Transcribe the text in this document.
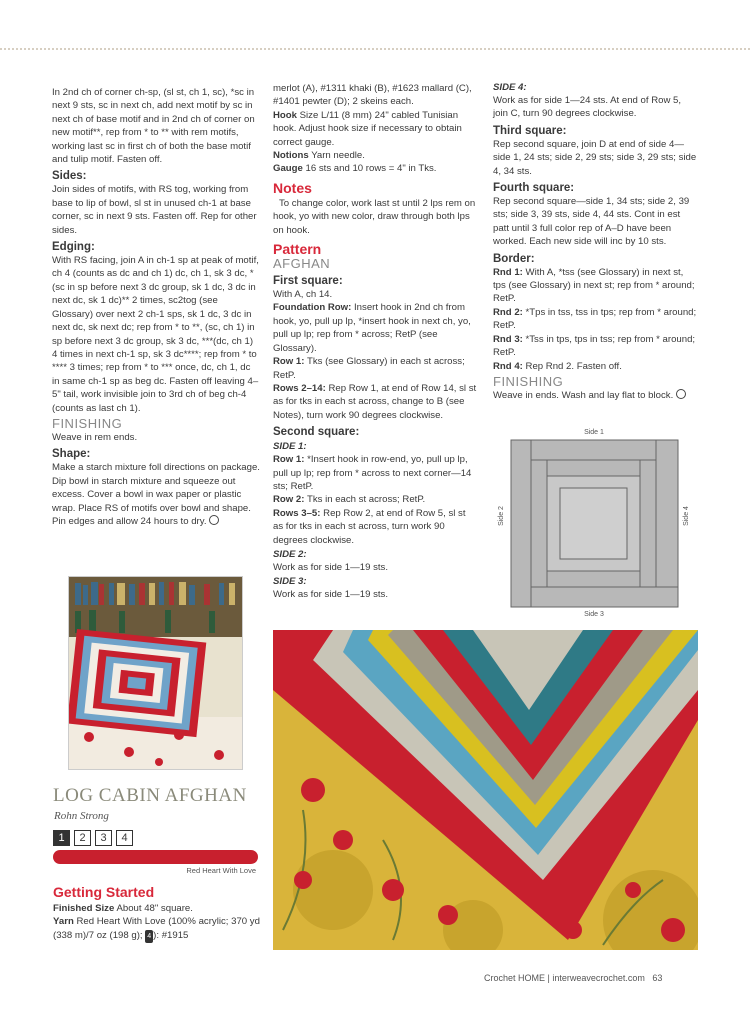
In 2nd ch of corner ch-sp, (sl st, ch 1, sc), *sc in next 9 sts, sc in next ch, add next motif by sc in next ch of base motif and in 2nd ch of corner on new motif**, rep from * to ** with rem motifs, working last sc in first ch of both the base motif and tulip motif. Fasten off.

Sides:

Join sides of motifs, with RS tog, working from base to lip of bowl, sl st in unused ch-1 at base corner, sc in next 9 sts. Fasten off. Rep for other sides.

Edging:

With RS facing, join A in ch-1 sp at peak of motif, ch 4 (counts as dc and ch 1) dc, ch 1, sk 3 dc, *(sc in sp before next 3 dc group, sk 1 dc, 3 dc in next dc, sk 1 dc)** 2 times, sc2tog (see Glossary) over next 2 ch-1 sps, sk 1 dc, 3 dc in next dc, sk next dc; rep from * to **, (sc, ch 1) in sp before next 3 dc group, sk 3 dc, ***(dc, ch 1) 4 times in next ch-1 sp, sk 3 dc****; rep from * to **** 3 times; rep from * to *** once, dc, ch 1, dc in same ch-1 sp as beg dc. Fasten off leaving 4–5" tail, work invisible join to 3rd ch of beg ch-4 (counts as last ch 1).

FINISHING

Weave in rem ends.

Shape:

Make a starch mixture foll directions on package. Dip bowl in starch mixture and squeeze out excess. Cover a bowl in wax paper or plastic wrap. Place RS of motifs over bowl and shape. Pin edges and allow 24 hours to dry.

LOG CABIN AFGHAN
Rohn Strong
1 2 3 4
Red Heart With Love
Getting Started

Finished Size About 48" square.

Yarn Red Heart With Love (100% acrylic; 370 yd (338 m)/7 oz (198 g); 4 ): #1915

merlot (A), #1311 khaki (B), #1623 mallard (C), #1401 pewter (D); 2 skeins each.

Hook Size L/11 (8 mm) 24" cabled Tunisian hook. Adjust hook size if necessary to obtain correct gauge.

Notions Yarn needle.

Gauge 16 sts and 10 rows = 4" in Tks.

Notes

To change color, work last st until 2 lps rem on hook, yo with new color, draw through both lps on hook.

Pattern
AFGHAN
First square:

With A, ch 14.

Foundation Row: Insert hook in 2nd ch from hook, yo, pull up lp, *insert hook in next ch, yo, pull up lp; rep from * across; RetP (see Glossary).

Row 1: Tks (see Glossary) in each st across; RetP.

Rows 2–14: Rep Row 1, at end of Row 14, sl st as for tks in each st across, change to B (see Notes), turn work 90 degrees clockwise.

Second square:
SIDE 1:

Row 1: *Insert hook in row-end, yo, pull up lp, pull up lp; rep from * across to next corner—14 sts; RetP.

Row 2: Tks in each st across; RetP.

Rows 3–5: Rep Row 2, at end of Row 5, sl st as for tks in each st across, turn work 90 degrees clockwise.

SIDE 2:

Work as for side 1—19 sts.

SIDE 3:

Work as for side 1—19 sts.

SIDE 4:

Work as for side 1—24 sts. At end of Row 5, join C, turn 90 degrees clockwise.

Third square:

Rep second square, join D at end of side 4—side 1, 24 sts; side 2, 29 sts; side 3, 29 sts; side 4, 34 sts.

Fourth square:

Rep second square—side 1, 34 sts; side 2, 39 sts; side 3, 39 sts, side 4, 44 sts. Cont in est patt until 3 full color rep of A–D have been worked. Each new side will inc by 10 sts.

Border:

Rnd 1: With A, *tss (see Glossary) in next st, tps (see Glossary) in next st; rep from * around; RetP.

Rnd 2: *Tps in tss, tss in tps; rep from * around; RetP.

Rnd 3: *Tss in tps, tps in tss; rep from * around; RetP.

Rnd 4: Rep Rnd 2. Fasten off.

FINISHING

Weave in ends. Wash and lay flat to block.

Side 1
Side 3
Side 2	Side 4
Crochet HOME | interweavecrochet.com 63
